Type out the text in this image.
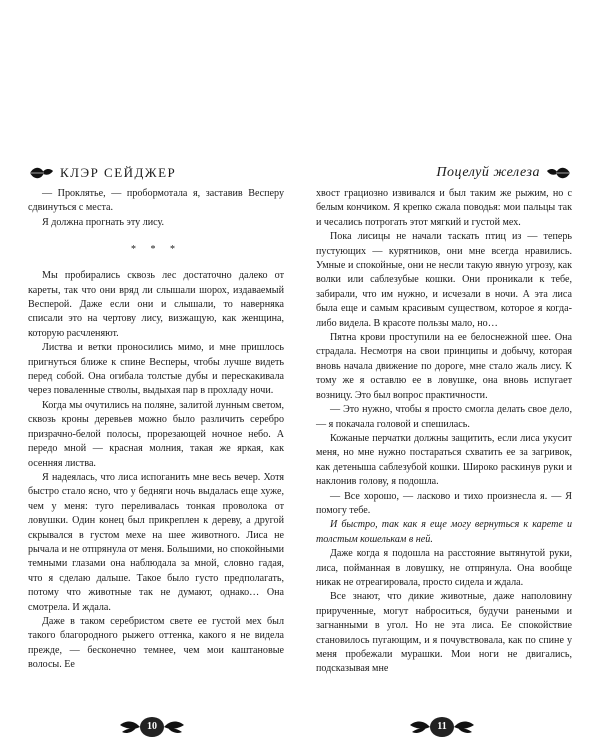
КЛЭР СЕЙДЖЕР

— Проклятье, — пробормотала я, заставив Весперу сдвинуться с места.

Я должна прогнать эту лису.

* * *

Мы пробирались сквозь лес достаточно далеко от кареты, так что они вряд ли слышали шорох, издаваемый Весперой. Даже если они и слышали, то наверняка списали это на чертову лису, визжащую, как женщина, которую расчленяют.

Листва и ветки проносились мимо, и мне пришлось пригнуться ближе к спине Весперы, чтобы лучше видеть перед собой. Она огибала толстые дубы и перескакивала через поваленные стволы, выдыхая пар в прохладу ночи.

Когда мы очутились на поляне, залитой лунным светом, сквозь кроны деревьев можно было различить серебро призрачно-белой полосы, прорезающей ночное небо. А передо мной — красная молния, такая же яркая, как осенняя листва.

Я надеялась, что лиса испоганить мне весь вечер. Хотя быстро стало ясно, что у бедняги ночь выдалась еще хуже, чем у меня: туго переливалась тонкая проволока от ловушки. Один конец был прикреплен к дереву, а другой скрывался в густом мехе на шее животного. Лиса не рычала и не отпрянула от меня. Большими, но спокойными темными глазами она наблюдала за мной, словно гадая, что я сделаю дальше. Такое было густо предполагать, потому что животные так не думают, однако… Она смотрела. И ждала.

Даже в таком серебристом свете ее густой мех был такого благородного рыжего оттенка, какого я не видела прежде, — бесконечно темнее, чем мои каштановые волосы. Ее

10
Поцелуй железа

хвост грациозно извивался и был таким же рыжим, но с белым кончиком. Я крепко сжала поводья: мои пальцы так и чесались потрогать этот мягкий и густой мех.

Пока лисицы не начали таскать птиц из — теперь пустующих — курятников, они мне всегда нравились. Умные и спокойные, они не несли такую явную угрозу, как волки или саблезубые кошки. Они проникали к тебе, забирали, что им нужно, и исчезали в ночи. А эта лиса была еще и самым красивым существом, которое я когда-либо видела. В красоте пользы мало, но…

Пятна крови проступили на ее белоснежной шее. Она страдала. Несмотря на свои принципы и добычу, которая вновь начала движение по дороге, мне стало жаль лису. К тому же я оставлю ее в ловушке, она вновь испугает возницу. Это был вопрос практичности.

— Это нужно, чтобы я просто смогла делать свое дело, — я покачала головой и спешилась.

Кожаные перчатки должны защитить, если лиса укусит меня, но мне нужно постараться схватить ее за загривок, как детеныша саблезубой кошки. Широко раскинув руки и наклонив голову, я подошла.

— Все хорошо, — ласково и тихо произнесла я. — Я помогу тебе.

И быстро, так как я еще могу вернуться к карете и толстым кошелькам в ней.

Даже когда я подошла на расстояние вытянутой руки, лиса, пойманная в ловушку, не отпрянула. Она вообще никак не отреагировала, просто сидела и ждала.

Все знают, что дикие животные, даже наполовину прирученные, могут наброситься, будучи ранеными и загнанными в угол. Но не эта лиса. Ее спокойствие становилось пугающим, и я почувствовала, как по спине у меня пробежали мурашки. Мои ноги не двигались, подсказывая мне

11
